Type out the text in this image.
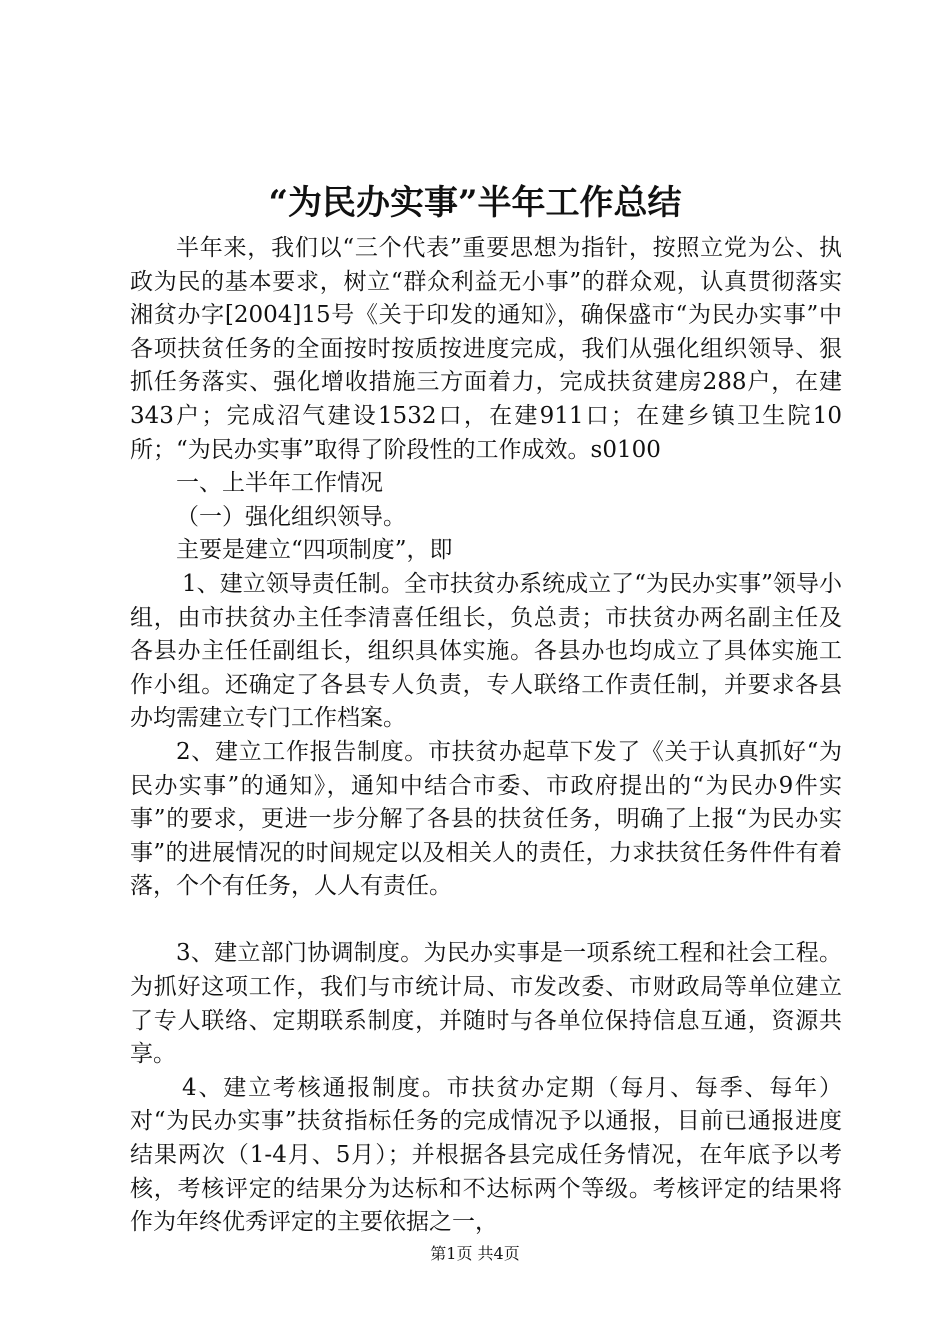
“为民办实事”半年工作总结

半年来，我们以“三个代表”重要思想为指针，按照立党为公、执政为民的基本要求，树立“群众利益无小事”的群众观，认真贯彻落实湘贫办字[2004]15号《关于印发的通知》，确保盛市“为民办实事”中各项扶贫任务的全面按时按质按进度完成，我们从强化组织领导、狠抓任务落实、强化增收措施三方面着力，完成扶贫建房288户，在建343户；完成沼气建设1532口，在建911口；在建乡镇卫生院10所；“为民办实事”取得了阶段性的工作成效。s0100

一、上半年工作情况

（一）强化组织领导。

主要是建立“四项制度”，即

1、建立领导责任制。全市扶贫办系统成立了“为民办实事”领导小组，由市扶贫办主任李清喜任组长，负总责；市扶贫办两名副主任及各县办主任任副组长，组织具体实施。各县办也均成立了具体实施工作小组。还确定了各县专人负责，专人联络工作责任制，并要求各县办均需建立专门工作档案。

2、建立工作报告制度。市扶贫办起草下发了《关于认真抓好“为民办实事”的通知》，通知中结合市委、市政府提出的“为民办9件实事”的要求，更进一步分解了各县的扶贫任务，明确了上报“为民办实事”的进展情况的时间规定以及相关人的责任，力求扶贫任务件件有着落，个个有任务，人人有责任。

3、建立部门协调制度。为民办实事是一项系统工程和社会工程。为抓好这项工作，我们与市统计局、市发改委、市财政局等单位建立了专人联络、定期联系制度，并随时与各单位保持信息互通，资源共享。

4、建立考核通报制度。市扶贫办定期（每月、每季、每年）对“为民办实事”扶贫指标任务的完成情况予以通报，目前已通报进度结果两次（1-4月、5月）；并根据各县完成任务情况，在年底予以考核，考核评定的结果分为达标和不达标两个等级。考核评定的结果将作为年终优秀评定的主要依据之一，

第1页 共4页
